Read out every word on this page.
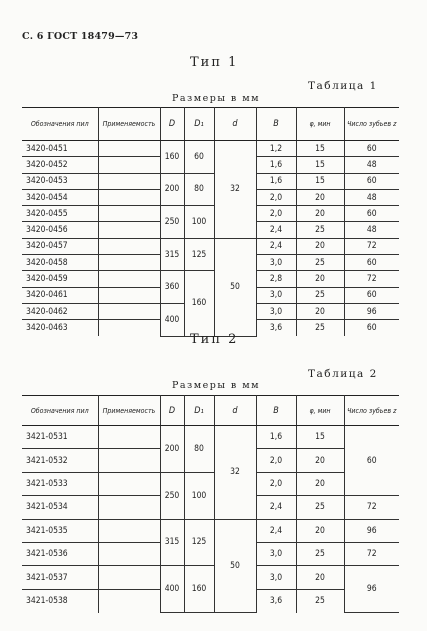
С. 6 ГОСТ 18479—73
Тип 1
Таблица 1
Размеры в мм
Обозначения пил	Применяемость	D	D₁	d	B	φ, мин	Число зубьев z
3420-0451		160	60	32	1,2	15	60
3420-0452					1,6	15	48
3420-0453		200	80		1,6	15	60
3420-0454					2,0	20	48
3420-0455		250	100		2,0	20	60
3420-0456					2,4	25	48
3420-0457		315	125	50	2,4	20	72
3420-0458					3,0	25	60
3420-0459		360	160		2,8	20	72
3420-0461					3,0	25	60
3420-0462		400			3,0	20	96
3420-0463					3,6	25	60
Тип 2
Таблица 2
Размеры в мм
Обозначения пил	Применяемость	D	D₁	d	B	φ, мин	Число зубьев z
3421-0531		200	80	32	1,6	15	60
3421-0532					2,0	20	
3421-0533		250	100		2,0	20	
3421-0534					2,4	25	72
3421-0535		315	125	50	2,4	20	96
3421-0536					3,0	25	72
3421-0537		400	160		3,0	20	96
3421-0538					3,6	25	
